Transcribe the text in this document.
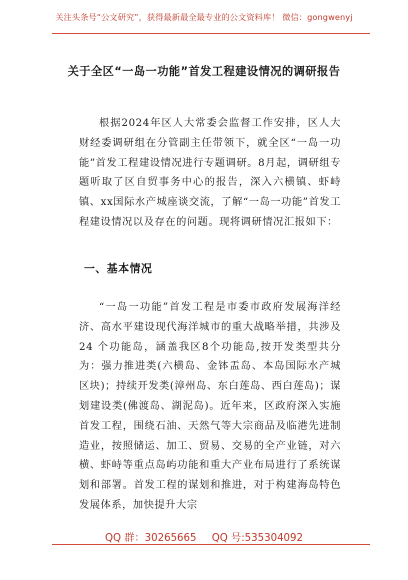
关注头条号“公文研究”，获得最新最全最专业的公文资料库！ 微信：gongwenyj
关于全区“一岛一功能”首发工程建设情况的调研报告
根据2024年区人大常委会监督工作安排，区人大财经委调研组在分管副主任带领下，就全区“一岛一功能”首发工程建设情况进行专题调研。8月起，调研组专题听取了区自贸事务中心的报告，深入六横镇、虾峙镇、xx国际水产城座谈交流，了解“一岛一功能”首发工程建设情况以及存在的问题。现将调研情况汇报如下：
一、基本情况
“一岛一功能”首发工程是市委市政府发展海洋经济、高水平建设现代海洋城市的重大战略举措，共涉及 24 个功能岛，涵盖我区8个功能岛,按开发类型共分为：强力推进类(六横岛、金钵盂岛、本岛国际水产城区块)；持续开发类(漳州岛、东白莲岛、西白莲岛)；谋划建设类(佛渡岛、湖泥岛)。近年来，区政府深入实施首发工程，围绕石油、天然气等大宗商品及临港先进制造业，按照储运、加工、贸易、交易的全产业链，对六横、虾峙等重点岛屿功能和重大产业布局进行了系统谋划和部署。首发工程的谋划和推进，对于构建海岛特色发展体系，加快提升大宗
QQ 群：30265665 QQ 号:535304092
